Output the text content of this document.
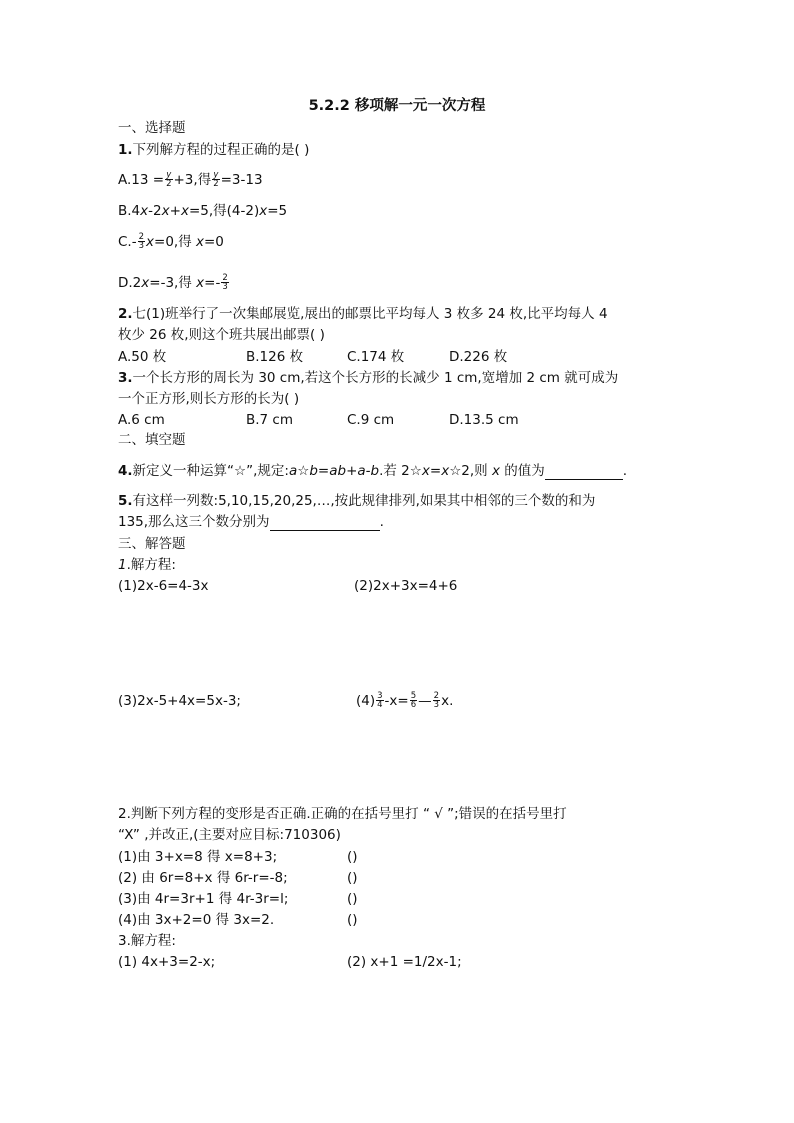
5.2.2 移项解一元一次方程
一、选择题
1.下列解方程的过程正确的是( )
$A.13 = \frac{y}{2} +3$,得 $\frac{y}{2} =3-13$
B.4x-2x+x=5,得(4-2)x=5
$C.- \frac{2}{3} x=0$,得 x=0
D.2x=-3,得 $x=- \frac{2}{3}$
2.七(1)班举行了一次集邮展览,展出的邮票比平均每人 3 枚多 24 枚,比平均每人 4
枚少 26 枚,则这个班共展出邮票( )
A.50 枚	B.126 枚	C.174 枚	D.226 枚
3.一个长方形的周长为 30 cm,若这个长方形的长减少 1 cm,宽增加 2 cm 就可成为
一个正方形,则长方形的长为( )
A.6 cm	B.7 cm	C.9 cm	D.13.5 cm
二、填空题
4.新定义一种运算“☆”,规定:a☆b=ab+a-b.若 2☆x=x☆2,则 x 的值为	.
5.有这样一列数:5,10,15,20,25,…,按此规律排列,如果其中相邻的三个数的和为
135,那么这三个数分别为	.
三、解答题
1.解方程:
(1)2x-6=4-3x	(2)2x+3x=4+6
(3)2x-5+4x=5x-3;	$(4) \frac{3}{4} -x= \frac{5}{6}$ — $\frac{2}{3} x$.
2.判断下列方程的变形是否正确.正确的在括号里打 “ √ ”;错误的在括号里打
“X” ,并改正,(主要对应目标:710306)
(1)由 3+x=8 得 x=8+3;	()
(2) 由 6r=8+x 得 6r-r=-8;	()
(3)由 4r=3r+1 得 4r-3r=l;	()
(4)由 3x+2=0 得 3x=2.	()
3.解方程:
(1) 4x+3=2-x;	(2) x+1 =1/2x-1;
